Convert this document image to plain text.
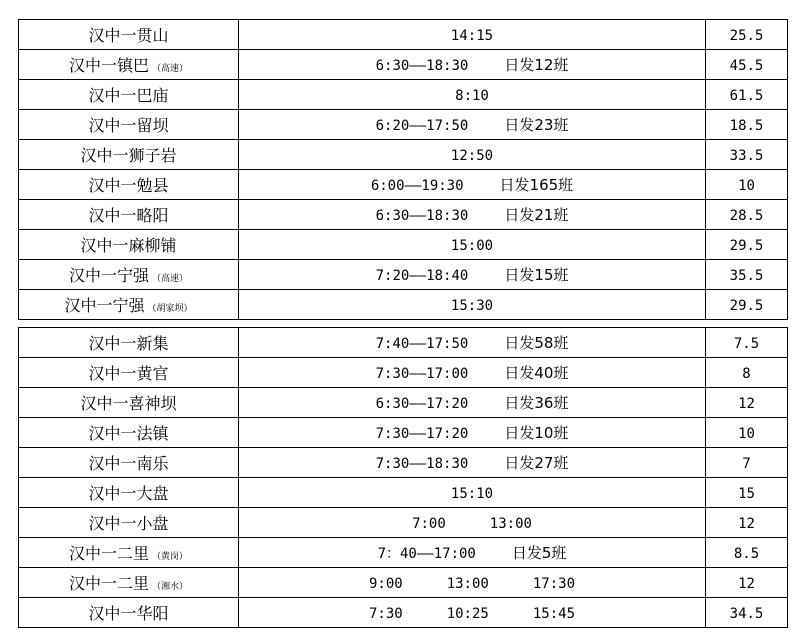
汉中一贯山	14:15	25.5
汉中一镇巴 （高速）	6:30——18:30 日发12班	45.5
汉中一巴庙	8:10	61.5
汉中一留坝	6:20——17:50 日发23班	18.5
汉中一狮子岩	12:50	33.5
汉中一勉县	6:00——19:30 日发165班	10
汉中一略阳	6:30——18:30 日发21班	28.5
汉中一麻柳铺	15:00	29.5
汉中一宁强 （高速）	7:20——18:40 日发15班	35.5
汉中一宁强 （胡家坝）	15:30	29.5
汉中一新集	7:40——17:50 日发58班	7.5
汉中一黄官	7:30——17:00 日发40班	8
汉中一喜神坝	6:30——17:20 日发36班	12
汉中一法镇	7:30——17:20 日发10班	10
汉中一南乐	7:30——18:30 日发27班	7
汉中一大盘	15:10	15
汉中一小盘	7:00 13:00	12
汉中一二里 （黄岗）	7：40——17:00 日发5班	8.5
汉中一二里 （湘水）	9:00 13:00 17:30	12
汉中一华阳	7:30 10:25 15:45	34.5
